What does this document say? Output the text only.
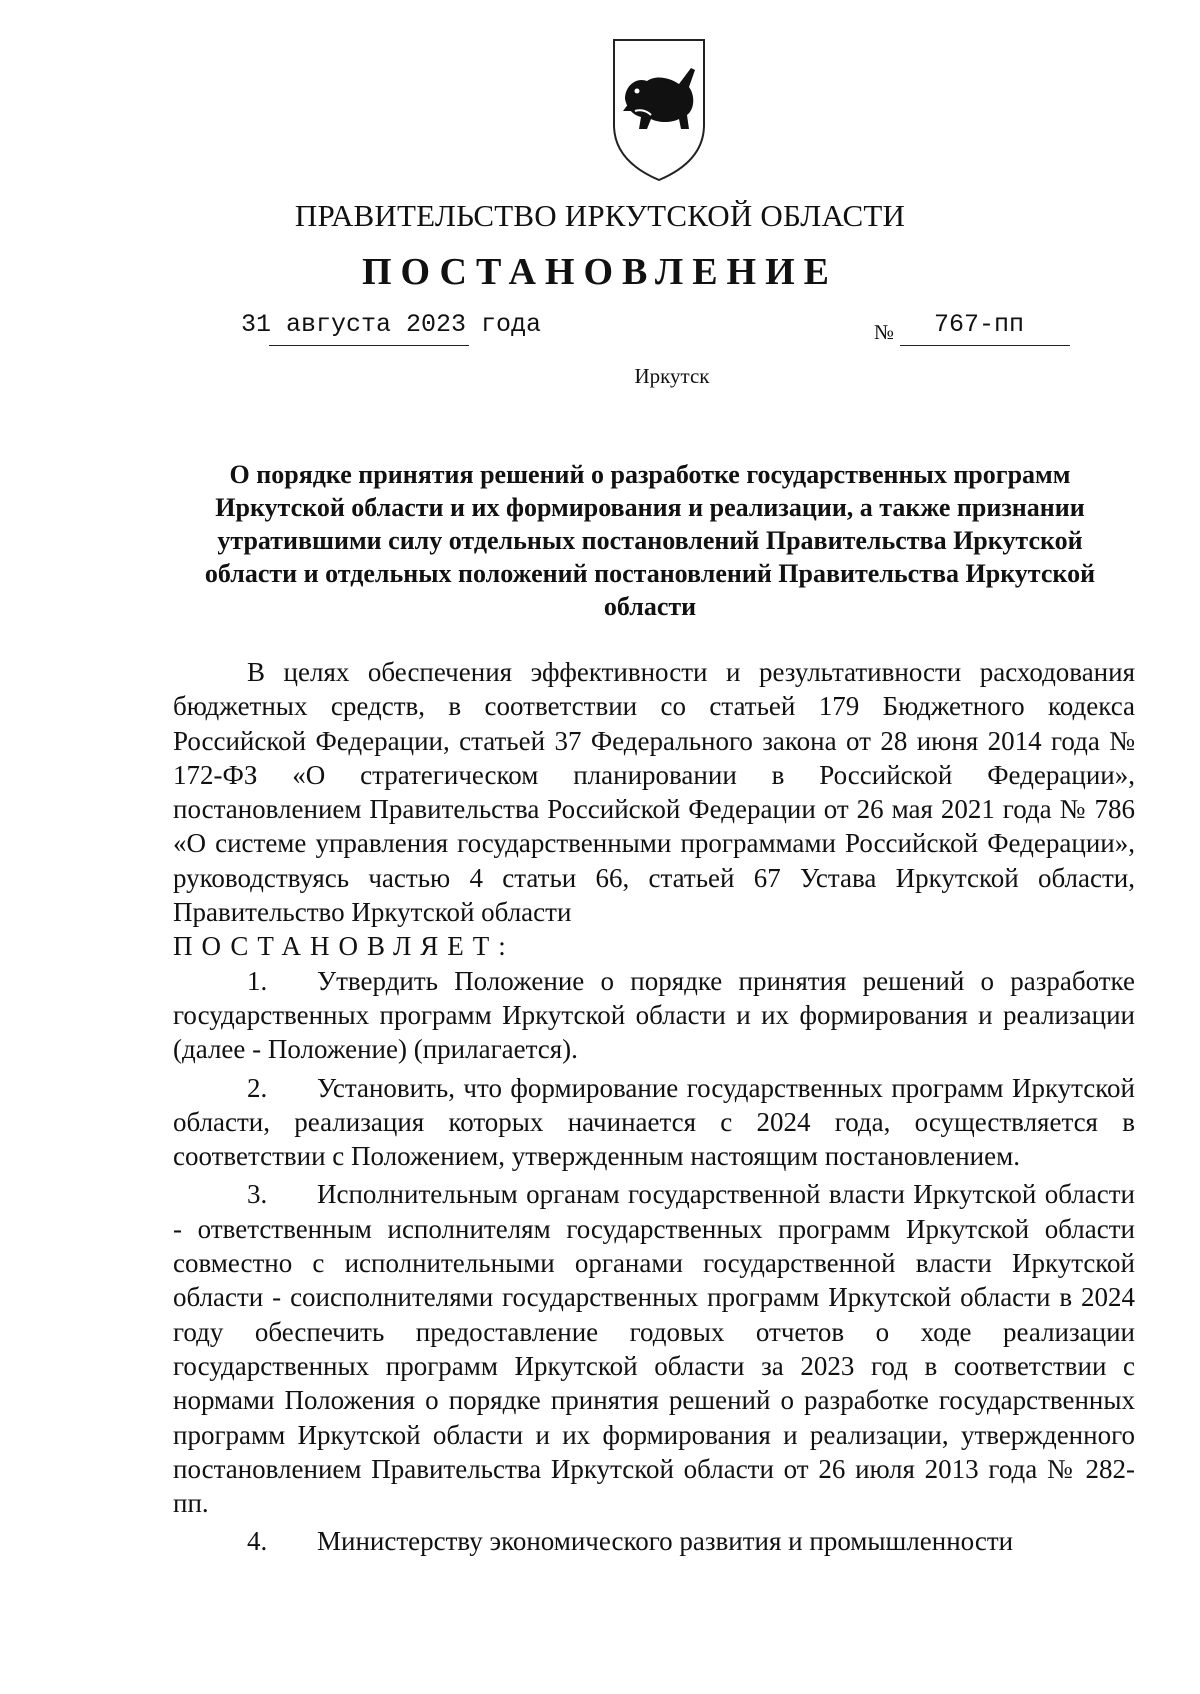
ПРАВИТЕЛЬСТВО ИРКУТСКОЙ ОБЛАСТИ
ПОСТАНОВЛЕНИЕ
31 августа 2023 года	№ 767-пп
Иркутск
О порядке принятия решений о разработке государственных программ Иркутской области и их формирования и реализации, а также признании утратившими силу отдельных постановлений Правительства Иркутской области и отдельных положений постановлений Правительства Иркутской области

В целях обеспечения эффективности и результативности расходования бюджетных средств, в соответствии со статьей 179 Бюджетного кодекса Российской Федерации, статьей 37 Федерального закона от 28 июня 2014 года № 172-ФЗ «О стратегическом планировании в Российской Федерации», постановлением Правительства Российской Федерации от 26 мая 2021 года № 786 «О системе управления государственными программами Российской Федерации», руководствуясь частью 4 статьи 66, статьей 67 Устава Иркутской области, Правительство Иркутской области

ПОСТАНОВЛЯЕТ:

1. Утвердить Положение о порядке принятия решений о разработке государственных программ Иркутской области и их формирования и реализации (далее - Положение) (прилагается).

2. Установить, что формирование государственных программ Иркутской области, реализация которых начинается с 2024 года, осуществляется в соответствии с Положением, утвержденным настоящим постановлением.

3. Исполнительным органам государственной власти Иркутской области - ответственным исполнителям государственных программ Иркутской области совместно с исполнительными органами государственной власти Иркутской области - соисполнителями государственных программ Иркутской области в 2024 году обеспечить предоставление годовых отчетов о ходе реализации государственных программ Иркутской области за 2023 год в соответствии с нормами Положения о порядке принятия решений о разработке государственных программ Иркутской области и их формирования и реализации, утвержденного постановлением Правительства Иркутской области от 26 июля 2013 года № 282-пп.

4. Министерству экономического развития и промышленности
